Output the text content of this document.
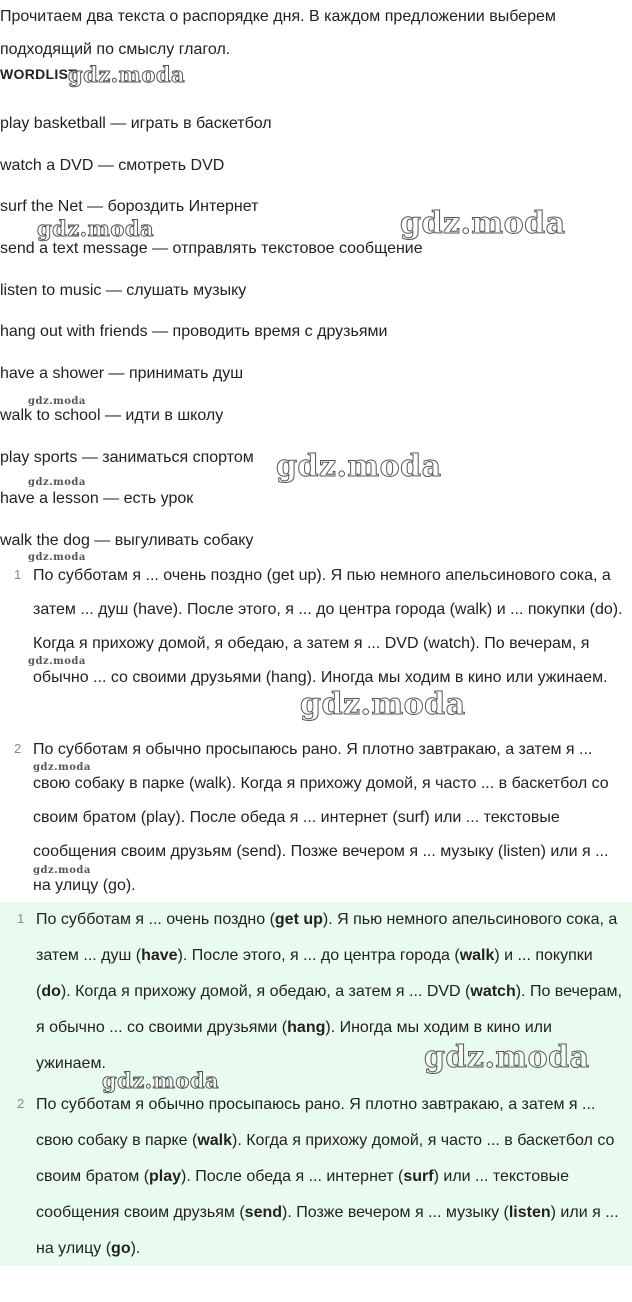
Прочитаем два текста о распорядке дня. В каждом предложении выберем подходящий по смыслу глагол.
WORDLIST
play basketball — играть в баскетбол
watch a DVD — смотреть DVD
surf the Net — бороздить Интернет
send a text message — отправлять текстовое сообщение
listen to music — слушать музыку
hang out with friends — проводить время с друзьями
have a shower — принимать душ
walk to school — идти в школу
play sports — заниматься спортом
have a lesson — есть урок
walk the dog — выгуливать собаку
1 По субботам я ... очень поздно (get up). Я пью немного апельсинового сока, а затем ... душ (have). После этого, я ... до центра города (walk) и ... покупки (do). Когда я прихожу домой, я обедаю, а затем я ... DVD (watch). По вечерам, я обычно ... со своими друзьями (hang). Иногда мы ходим в кино или ужинаем.
2 По субботам я обычно просыпаюсь рано. Я плотно завтракаю, а затем я ... свою собаку в парке (walk). Когда я прихожу домой, я часто ... в баскетбол со своим братом (play). После обеда я ... интернет (surf) или ... текстовые сообщения своим друзьям (send). Позже вечером я ... музыку (listen) или я ... на улицу (go).
1 По субботам я ... очень поздно (get up). Я пью немного апельсинового сока, а затем ... душ (have). После этого, я ... до центра города (walk) и ... покупки (do). Когда я прихожу домой, я обедаю, а затем я ... DVD (watch). По вечерам, я обычно ... со своими друзьями (hang). Иногда мы ходим в кино или ужинаем.
2 По субботам я обычно просыпаюсь рано. Я плотно завтракаю, а затем я ... свою собаку в парке (walk). Когда я прихожу домой, я часто ... в баскетбол со своим братом (play). После обеда я ... интернет (surf) или ... текстовые сообщения своим друзьям (send). Позже вечером я ... музыку (listen) или я ... на улицу (go).
gdz.moda
gdz.moda	gdz.moda
gdz.moda
gdz.moda
gdz.moda
gdz.moda
gdz.moda
gdz.moda
gdz.moda
gdz.moda
gdz.moda
gdz.moda
